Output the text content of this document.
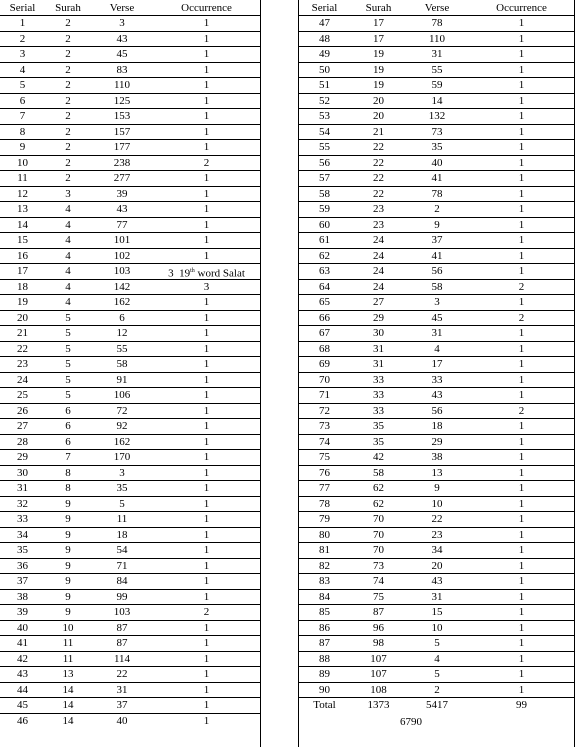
Serial	Surah	Verse	Occurrence
1	2	3	1
2	2	43	1
3	2	45	1
4	2	83	1
5	2	110	1
6	2	125	1
7	2	153	1
8	2	157	1
9	2	177	1
10	2	238	2
11	2	277	1
12	3	39	1
13	4	43	1
14	4	77	1
15	4	101	1
16	4	102	1
17	4	103	3  19th word Salat
18	4	142	3
19	4	162	1
20	5	6	1
21	5	12	1
22	5	55	1
23	5	58	1
24	5	91	1
25	5	106	1
26	6	72	1
27	6	92	1
28	6	162	1
29	7	170	1
30	8	3	1
31	8	35	1
32	9	5	1
33	9	11	1
34	9	18	1
35	9	54	1
36	9	71	1
37	9	84	1
38	9	99	1
39	9	103	2
40	10	87	1
41	11	87	1
42	11	114	1
43	13	22	1
44	14	31	1
45	14	37	1
46	14	40	1
Serial	Surah	Verse	Occurrence
47	17	78	1
48	17	110	1
49	19	31	1
50	19	55	1
51	19	59	1
52	20	14	1
53	20	132	1
54	21	73	1
55	22	35	1
56	22	40	1
57	22	41	1
58	22	78	1
59	23	2	1
60	23	9	1
61	24	37	1
62	24	41	1
63	24	56	1
64	24	58	2
65	27	3	1
66	29	45	2
67	30	31	1
68	31	4	1
69	31	17	1
70	33	33	1
71	33	43	1
72	33	56	2
73	35	18	1
74	35	29	1
75	42	38	1
76	58	13	1
77	62	9	1
78	62	10	1
79	70	22	1
80	70	23	1
81	70	34	1
82	73	20	1
83	74	43	1
84	75	31	1
85	87	15	1
86	96	10	1
87	98	5	1
88	107	4	1
89	107	5	1
90	108	2	1
Total	1373	5417	99
6790
